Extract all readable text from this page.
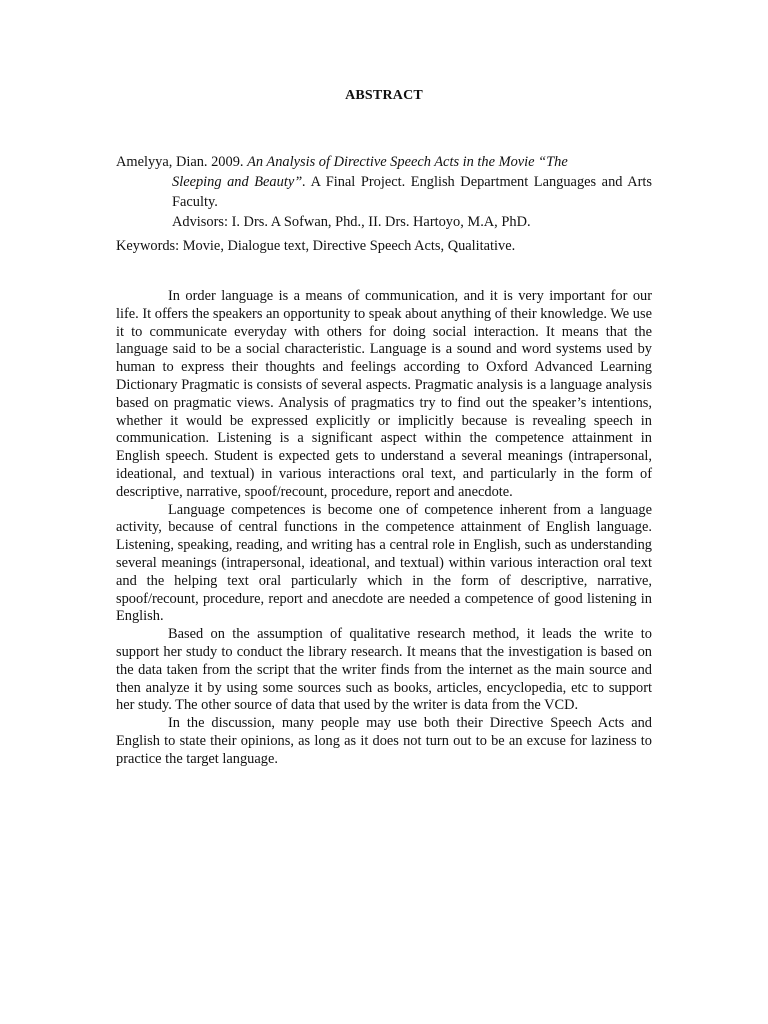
ABSTRACT
Amelyya, Dian. 2009. An Analysis of Directive Speech Acts in the Movie “The
Sleeping and Beauty”. A Final Project. English Department Languages and Arts Faculty.
Advisors: I. Drs. A Sofwan, Phd., II. Drs. Hartoyo, M.A, PhD.
Keywords: Movie, Dialogue text, Directive Speech Acts, Qualitative.

In order language is a means of communication, and it is very important for our life. It offers the speakers an opportunity to speak about anything of their knowledge. We use it to communicate everyday with others for doing social interaction. It means that the language said to be a social characteristic. Language is a sound and word systems used by human to express their thoughts and feelings according to Oxford Advanced Learning Dictionary Pragmatic is consists of several aspects. Pragmatic analysis is a language analysis based on pragmatic views. Analysis of pragmatics try to find out the speaker’s intentions, whether it would be expressed explicitly or implicitly because is revealing speech in communication. Listening is a significant aspect within the competence attainment in English speech. Student is expected gets to understand a several meanings (intrapersonal, ideational, and textual) in various interactions oral text, and particularly in the form of descriptive, narrative, spoof/recount, procedure, report and anecdote.

Language competences is become one of competence inherent from a language activity, because of central functions in the competence attainment of English language. Listening, speaking, reading, and writing has a central role in English, such as understanding several meanings (intrapersonal, ideational, and textual) within various interaction oral text and the helping text oral particularly which in the form of descriptive, narrative, spoof/recount, procedure, report and anecdote are needed a competence of good listening in English.

Based on the assumption of qualitative research method, it leads the write to support her study to conduct the library research. It means that the investigation is based on the data taken from the script that the writer finds from the internet as the main source and then analyze it by using some sources such as books, articles, encyclopedia, etc to support her study. The other source of data that used by the writer is data from the VCD.

In the discussion, many people may use both their Directive Speech Acts and English to state their opinions, as long as it does not turn out to be an excuse for laziness to practice the target language.
